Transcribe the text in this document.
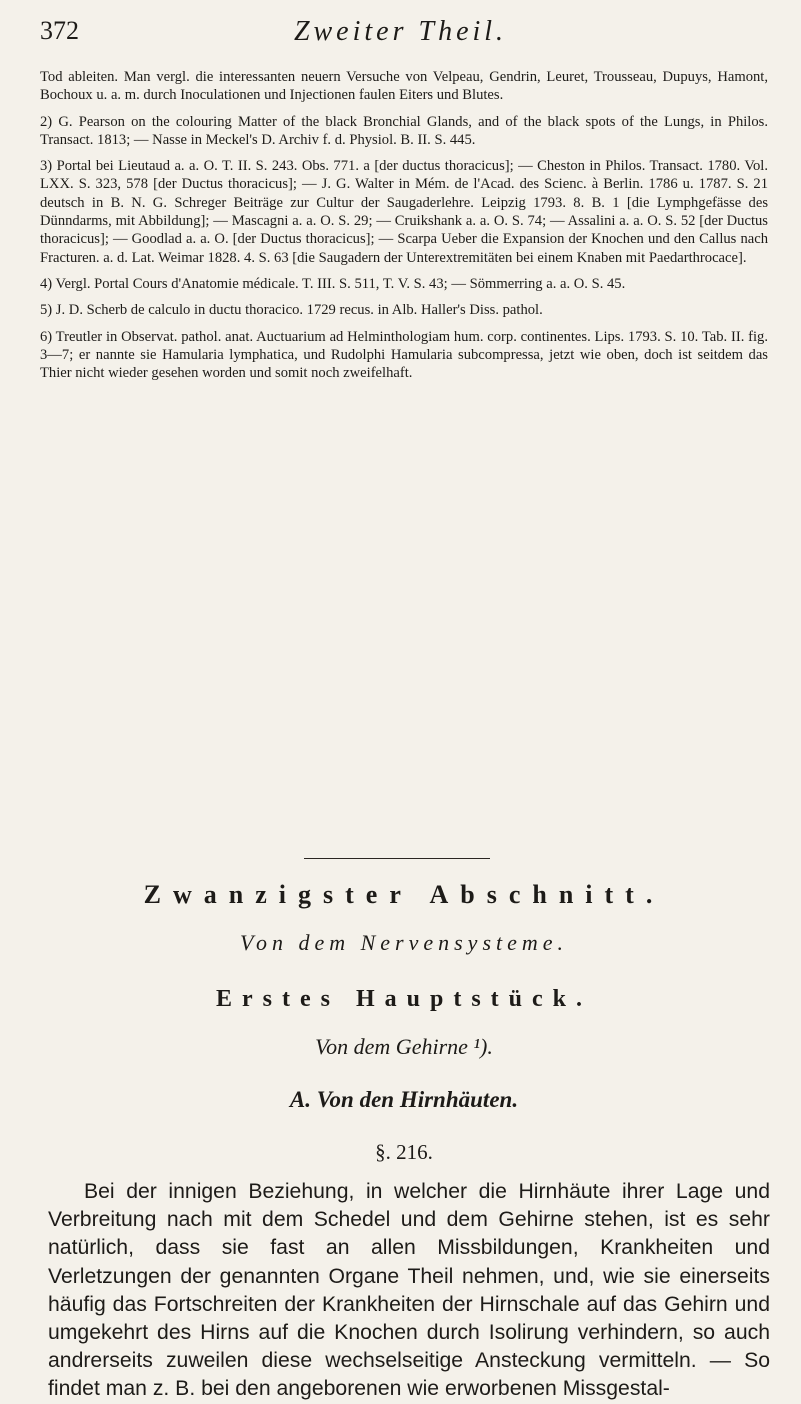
372	Zweiter Theil.

Tod ableiten. Man vergl. die interessanten neuern Versuche von Velpeau, Gendrin, Leuret, Trousseau, Dupuys, Hamont, Bochoux u. a. m. durch Inoculationen und Injectionen faulen Eiters und Blutes.

2) G. Pearson on the colouring Matter of the black Bronchial Glands, and of the black spots of the Lungs, in Philos. Transact. 1813; — Nasse in Meckel's D. Archiv f. d. Physiol. B. II. S. 445.

3) Portal bei Lieutaud a. a. O. T. II. S. 243. Obs. 771. a [der ductus thoracicus]; — Cheston in Philos. Transact. 1780. Vol. LXX. S. 323, 578 [der Ductus thoracicus]; — J. G. Walter in Mém. de l'Acad. des Scienc. à Berlin. 1786 u. 1787. S. 21 deutsch in B. N. G. Schreger Beiträge zur Cultur der Saugaderlehre. Leipzig 1793. 8. B. 1 [die Lymphgefässe des Dünndarms, mit Abbildung]; — Mascagni a. a. O. S. 29; — Cruikshank a. a. O. S. 74; — Assalini a. a. O. S. 52 [der Ductus thoracicus]; — Goodlad a. a. O. [der Ductus thoracicus]; — Scarpa Ueber die Expansion der Knochen und den Callus nach Fracturen. a. d. Lat. Weimar 1828. 4. S. 63 [die Saugadern der Unterextremitäten bei einem Knaben mit Paedarthrocace].

4) Vergl. Portal Cours d'Anatomie médicale. T. III. S. 511, T. V. S. 43; — Sömmerring a. a. O. S. 45.

5) J. D. Scherb de calculo in ductu thoracico. 1729 recus. in Alb. Haller's Diss. pathol.

6) Treutler in Observat. pathol. anat. Auctuarium ad Helminthologiam hum. corp. continentes. Lips. 1793. S. 10. Tab. II. fig. 3—7; er nannte sie Hamularia lymphatica, und Rudolphi Hamularia subcompressa, jetzt wie oben, doch ist seitdem das Thier nicht wieder gesehen worden und somit noch zweifelhaft.

Zwanzigster Abschnitt.
Von dem Nervensysteme.
Erstes Hauptstück.
Von dem Gehirne ¹).
A. Von den Hirnhäuten.
§. 216.

Bei der innigen Beziehung, in welcher die Hirnhäute ihrer Lage und Verbreitung nach mit dem Schedel und dem Gehirne stehen, ist es sehr natürlich, dass sie fast an allen Missbildungen, Krankheiten und Verletzungen der genannten Organe Theil nehmen, und, wie sie einerseits häufig das Fortschreiten der Krankheiten der Hirnschale auf das Gehirn und umgekehrt des Hirns auf die Knochen durch Isolirung verhindern, so auch andrerseits zuweilen diese wechselseitige Ansteckung vermitteln. — So findet man z. B. bei den angeborenen wie erworbenen Missgestal-
